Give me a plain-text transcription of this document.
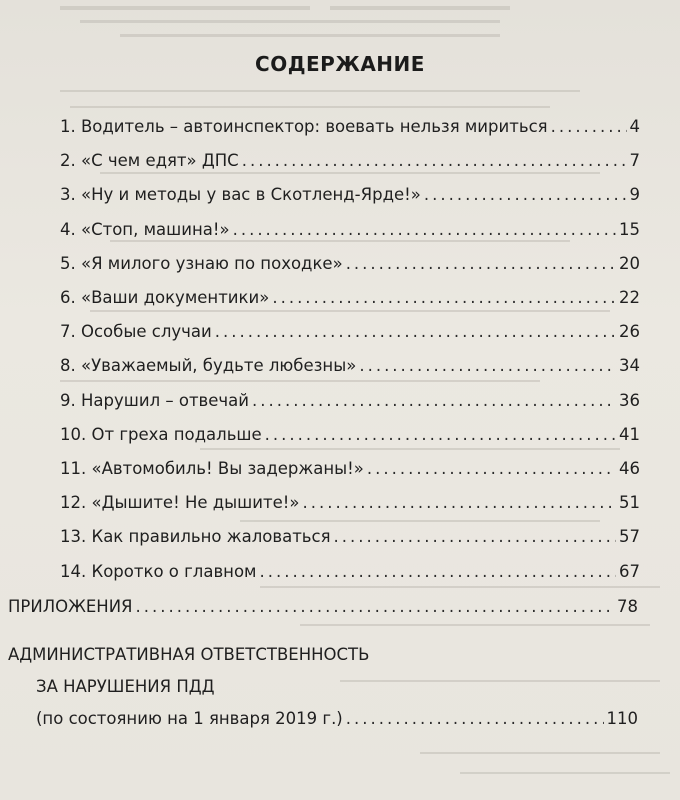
СОДЕРЖАНИЕ
1. Водитель – автоинспектор: воевать нельзя мириться .....	4
2. «С чем едят» ДПС .....	7
3. «Ну и методы у вас в Скотленд-Ярде!» .....	9
4. «Стоп, машина!» .....	15
5. «Я милого узнаю по походке» .....	20
6. «Ваши документики» .....	22
7. Особые случаи .....	26
8. «Уважаемый, будьте любезны» .....	34
9. Нарушил – отвечай .....	36
10. От греха подальше .....	41
11. «Автомобиль! Вы задержаны!» .....	46
12. «Дышите! Не дышите!» .....	51
13. Как правильно жаловаться .....	57
14. Коротко о главном .....	67
ПРИЛОЖЕНИЯ .....	78
АДМИНИСТРАТИВНАЯ ОТВЕТСТВЕННОСТЬ
ЗА НАРУШЕНИЯ ПДД
(по состоянию на 1 января 2019 г.) .....	110
